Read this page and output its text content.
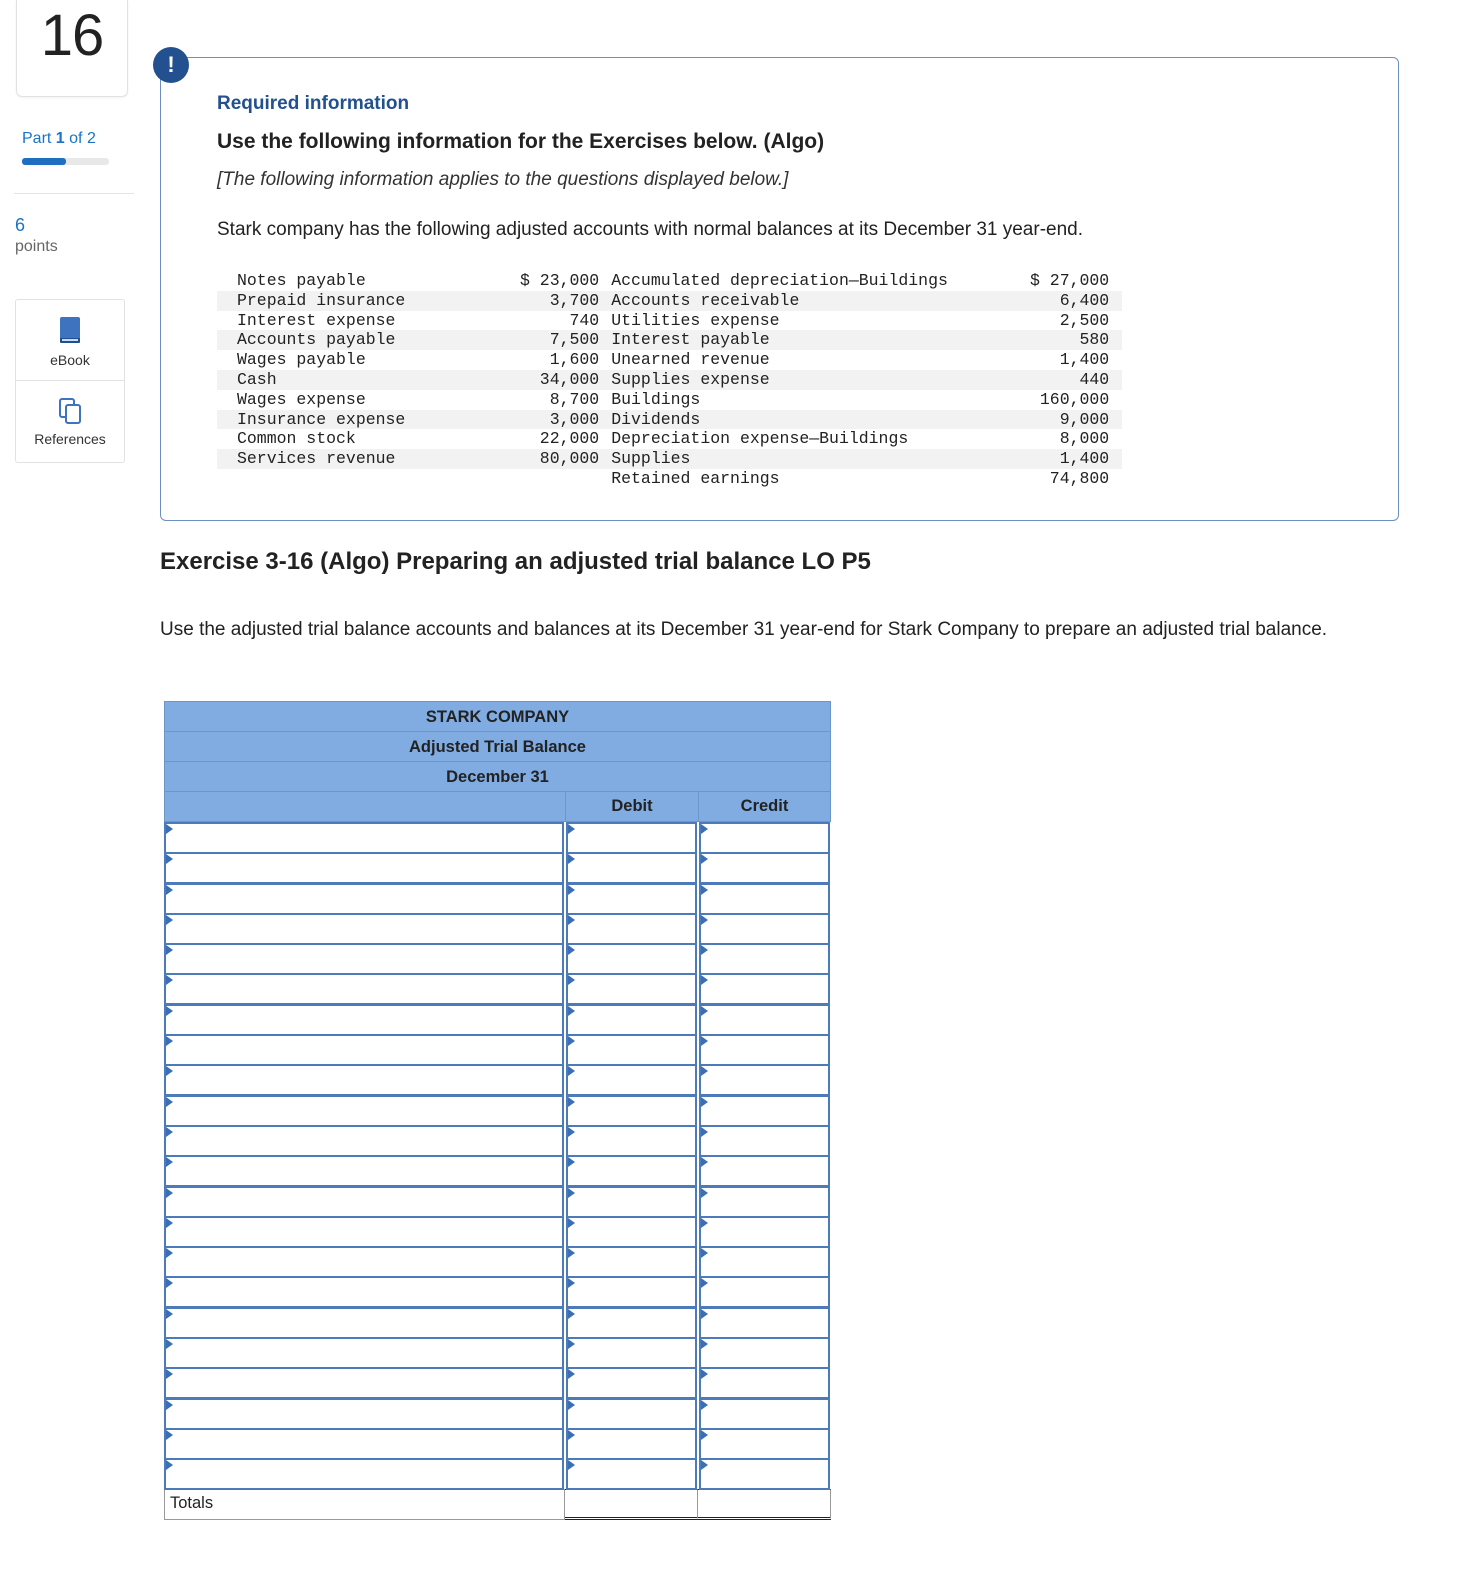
16
Part 1 of 2
6
points
eBook
References
!
Required information
Use the following information for the Exercises below. (Algo)
[The following information applies to the questions displayed below.]
Stark company has the following adjusted accounts with normal balances at its December 31 year-end.
Notes payable	$ 23,000	Accumulated depreciation—Buildings	$ 27,000
Prepaid insurance	3,700	Accounts receivable	6,400
Interest expense	740	Utilities expense	2,500
Accounts payable	7,500	Interest payable	580
Wages payable	1,600	Unearned revenue	1,400
Cash	34,000	Supplies expense	440
Wages expense	8,700	Buildings	160,000
Insurance expense	3,000	Dividends	9,000
Common stock	22,000	Depreciation expense—Buildings	8,000
Services revenue	80,000	Supplies	1,400
		Retained earnings	74,800
Exercise 3-16 (Algo) Preparing an adjusted trial balance LO P5
Use the adjusted trial balance accounts and balances at its December 31 year-end for Stark Company to prepare an adjusted trial balance.
STARK COMPANY
Adjusted Trial Balance
December 31
Debit	Credit
Totals
